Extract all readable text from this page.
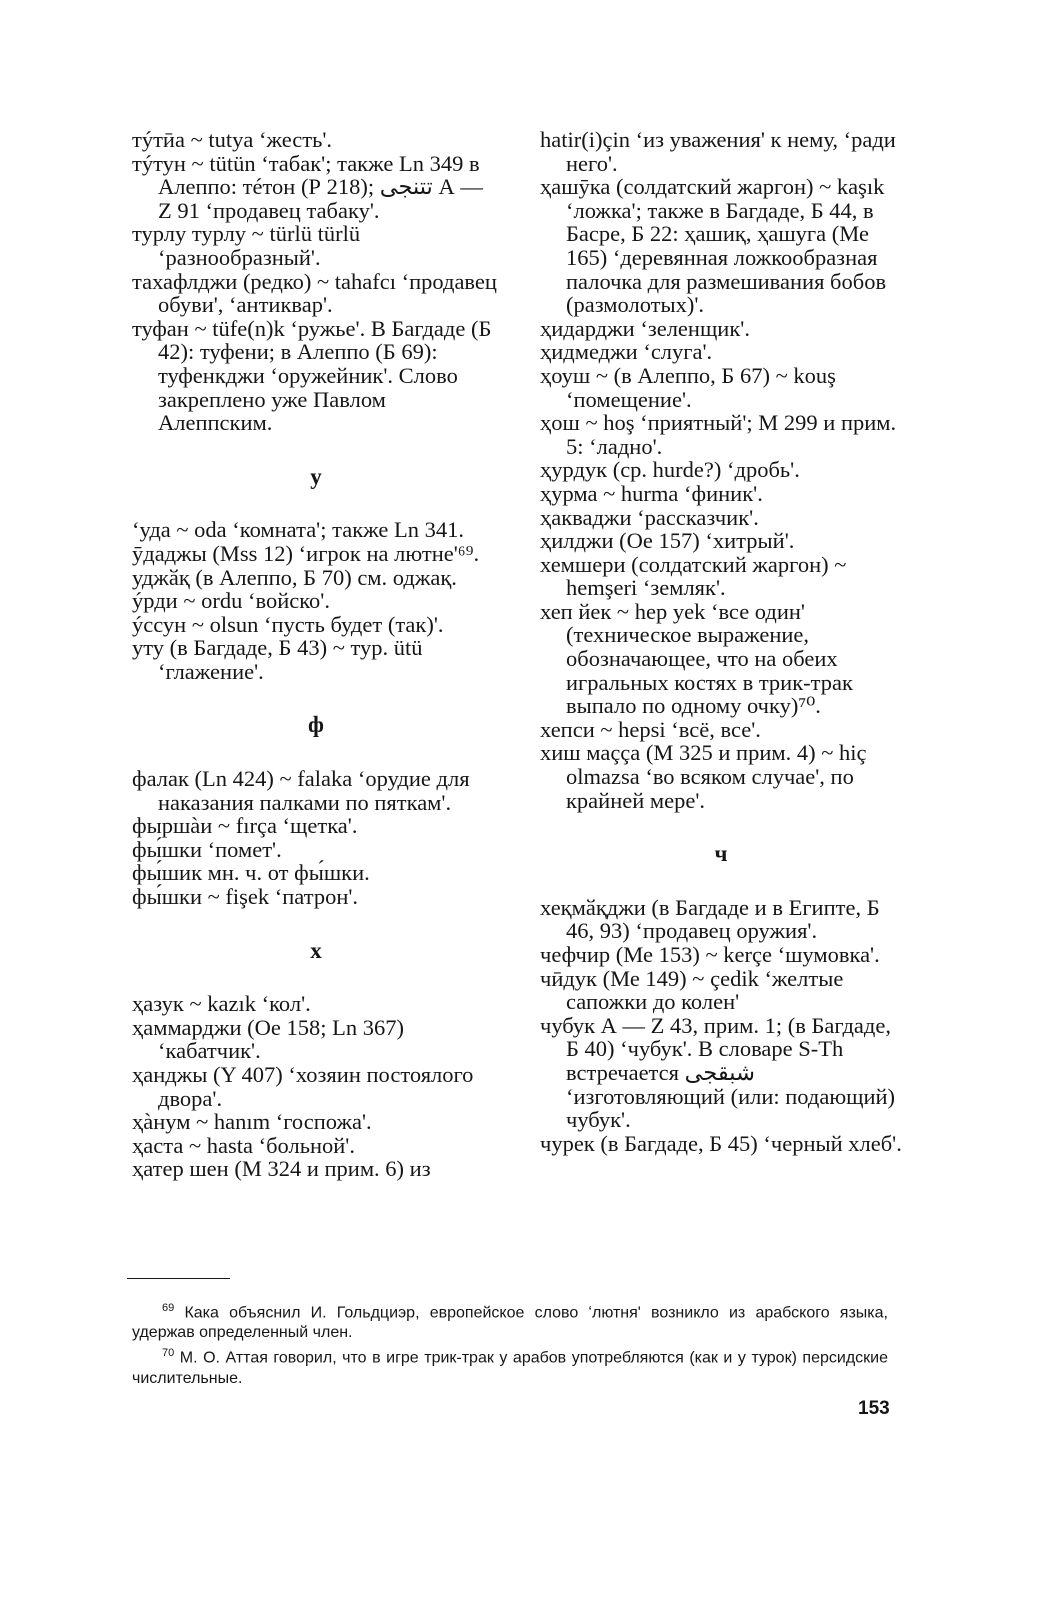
тýтӣа ~ tutya ʻжесть'.

тýтун ~ tütün ʻтабак'; также Ln 349 в Алеппо: тéтон (Р 218); تتنجى А — Z 91 ʻпродавец табаку'.

турлу турлу ~ türlü türlü ʻразнообразный'.

тахафлджи (редко) ~ tahafcı ʻпродавец обуви', ʻантиквар'.

туфан ~ tüfe(n)k ʻружье'. В Багдаде (Б 42): туфени; в Алеппо (Б 69): туфенкджи ʻоружейник'. Слово закреплено уже Павлом Алеппским.

у

ʻуда ~ oda ʻкомната'; также Ln 341.

ӯдаджы (Mss 12) ʻигрок на лютне'⁶⁹.

уджӑқ (в Алеппо, Б 70) см. оджақ.

ýрди ~ ordu ʻвойско'.

ýссун ~ olsun ʻпусть будет (так)'.

уту (в Багдаде, Б 43) ~ тур. ütü ʻглажение'.

ф

фалак (Ln 424) ~ falaka ʻорудие для наказания палками по пяткам'.

фыршàи ~ fırça ʻщетка'.

фы́шки ʻпомет'.

фы́шик мн. ч. от фы́шки.

фы́шки ~ fişek ʻпатрон'.

х

ҳазук ~ kazık ʻкол'.

ҳаммарджи (Oe 158; Ln 367) ʻкабатчик'.

ҳанджы (Y 407) ʻхозяин постоялого двора'.

ҳàнум ~ hanım ʻгоспожа'.

ҳаста ~ hasta ʻбольной'.

ҳатер шен (М 324 и прим. 6) из

hatir(i)çin ʻиз уважения' к нему, ʻради него'.

ҳашӯка (солдатский жаргон) ~ kaşık ʻложка'; также в Багдаде, Б 44, в Басре, Б 22: ҳашиқ, ҳашуга (Ме 165) ʻдеревянная ложкообразная палочка для размешивания бобов (размолотых)'.

ҳидарджи ʻзеленщик'.

ҳидмеджи ʻслуга'.

ҳоуш ~ (в Алеппо, Б 67) ~ kouş ʻпомещение'.

ҳош ~ hoş ʻприятный'; М 299 и прим. 5: ʻладно'.

ҳурдук (ср. hurde?) ʻдробь'.

ҳурма ~ hurma ʻфиник'.

ҳакваджи ʻрассказчик'.

ҳилджи (Oe 157) ʻхитрый'.

хемшери (солдатский жаргон) ~ hemşeri ʻземляк'.

хеп йек ~ hep yek ʻвсе один' (техническое выражение, обозначающее, что на обеих игральных костях в трик-трак выпало по одному очку)⁷⁰.

хепси ~ hepsi ʻвсё, все'.

хиш маçça (М 325 и прим. 4) ~ hiç olmazsa ʻво всяком случае', по крайней мере'.

ч

хеқмӑқджи (в Багдаде и в Египте, Б 46, 93) ʻпродавец оружия'.

чефчир (Ме 153) ~ kerçe ʻшумовка'.

чӣдук (Ме 149) ~ çedik ʻжелтые сапожки до колен'

чубук А — Z 43, прим. 1; (в Багдаде, Б 40) ʻчубук'. В словаре S-Th встречается شبقجى ʻизготовляющий (или: подающий) чубук'.

чурек (в Багдаде, Б 45) ʻчерный хлеб'.

$^{69}$ Кака объяснил И. Гольдциэр, европейское слово ʻлютня' возникло из арабского языка, удержав определенный член.

$^{70}$ М. О. Аттая говорил, что в игре трик-трак у арабов употребляются (как и у турок) персидские числительные.

153
